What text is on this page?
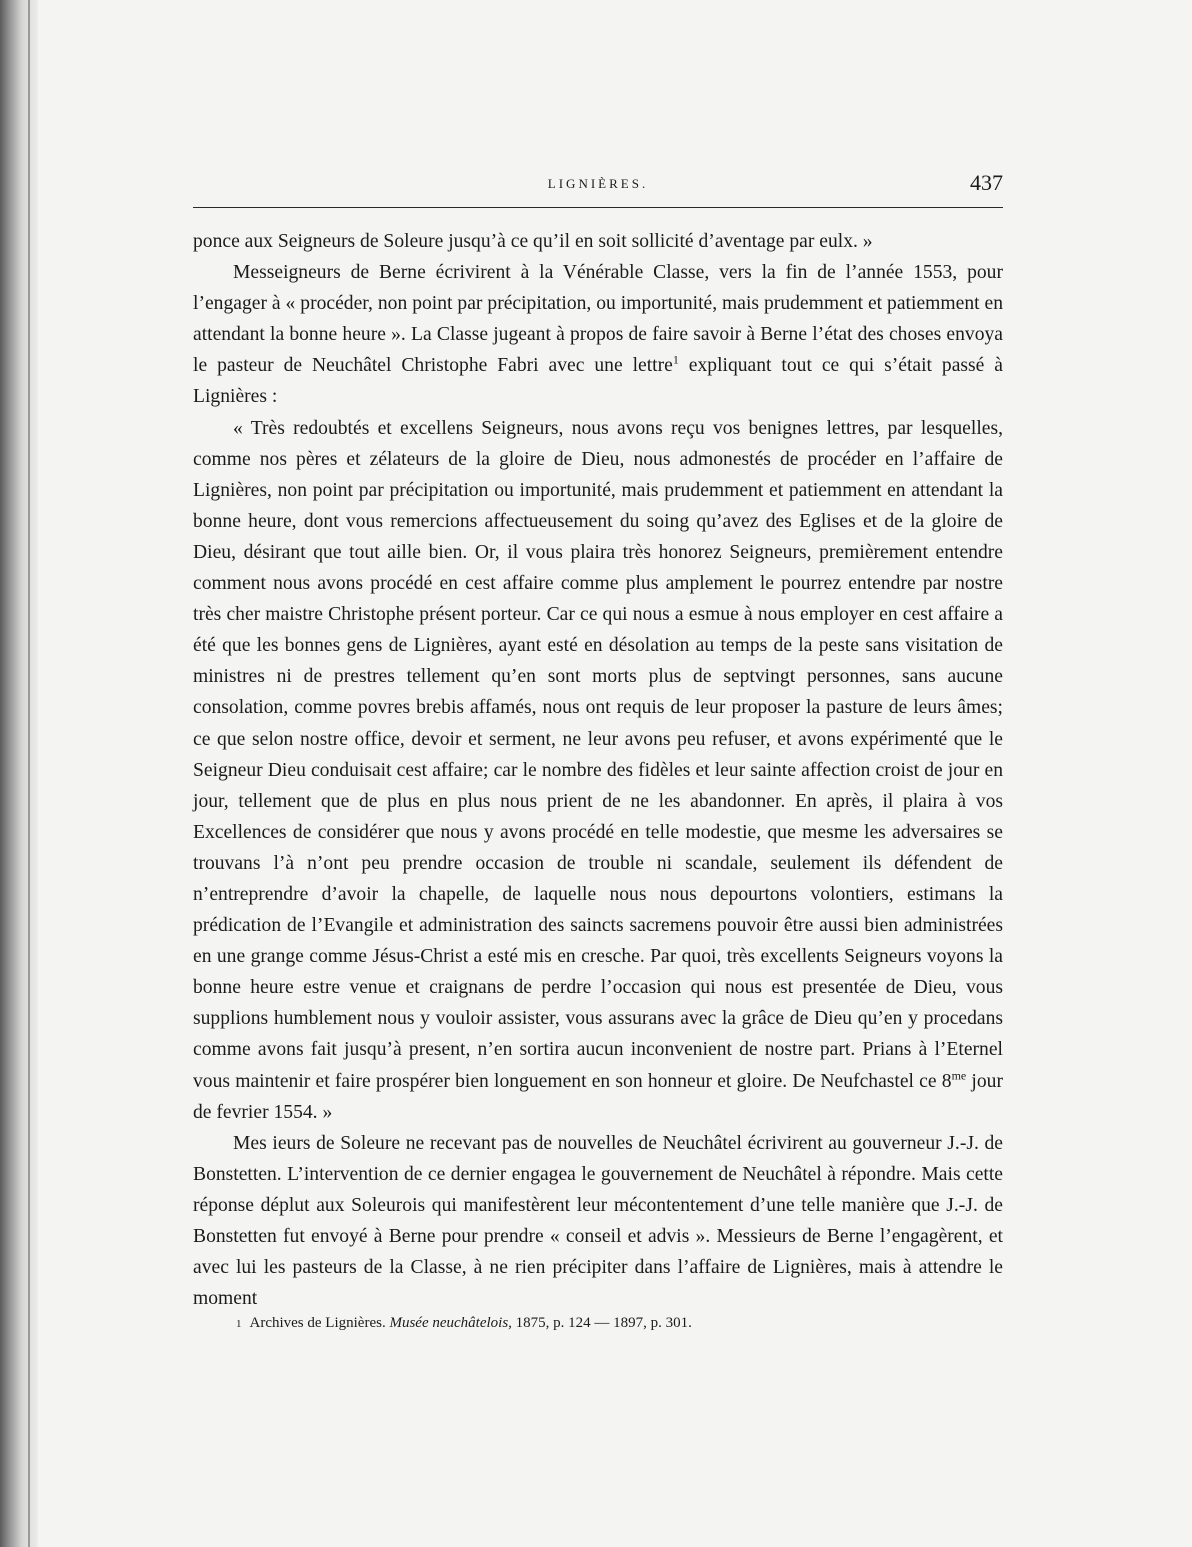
LIGNIÈRES.	437

ponce aux Seigneurs de Soleure jusqu’à ce qu’il en soit sollicité d’aventage par eulx. »

Messeigneurs de Berne écrivirent à la Vénérable Classe, vers la fin de l’année 1553, pour l’engager à « procéder, non point par précipitation, ou importunité, mais prudemment et patiemment en attendant la bonne heure ». La Classe jugeant à propos de faire savoir à Berne l’état des choses envoya le pasteur de Neuchâtel Christophe Fabri avec une lettre$^1$ expliquant tout ce qui s’était passé à Lignières :

« Très redoubtés et excellens Seigneurs, nous avons reçu vos benignes lettres, par lesquelles, comme nos pères et zélateurs de la gloire de Dieu, nous admonestés de procéder en l’affaire de Lignières, non point par précipitation ou importunité, mais prudemment et patiemment en attendant la bonne heure, dont vous remercions affectueusement du soing qu’avez des Eglises et de la gloire de Dieu, désirant que tout aille bien. Or, il vous plaira très honorez Seigneurs, premièrement entendre comment nous avons procédé en cest affaire comme plus amplement le pourrez entendre par nostre très cher maistre Christophe présent porteur. Car ce qui nous a esmue à nous employer en cest affaire a été que les bonnes gens de Lignières, ayant esté en désolation au temps de la peste sans visitation de ministres ni de prestres tellement qu’en sont morts plus de septvingt personnes, sans aucune consolation, comme povres brebis affamés, nous ont requis de leur proposer la pasture de leurs âmes; ce que selon nostre office, devoir et serment, ne leur avons peu refuser, et avons expérimenté que le Seigneur Dieu conduisait cest affaire; car le nombre des fidèles et leur sainte affection croist de jour en jour, tellement que de plus en plus nous prient de ne les abandonner. En après, il plaira à vos Excellences de considérer que nous y avons procédé en telle modestie, que mesme les adversaires se trouvans l’à n’ont peu prendre occasion de trouble ni scandale, seulement ils défendent de n’entreprendre d’avoir la chapelle, de laquelle nous nous depourtons volontiers, estimans la prédication de l’Evangile et administration des saincts sacremens pouvoir être aussi bien administrées en une grange comme Jésus-Christ a esté mis en cresche. Par quoi, très excellents Seigneurs voyons la bonne heure estre venue et craignans de perdre l’occasion qui nous est presentée de Dieu, vous supplions humblement nous y vouloir assister, vous assurans avec la grâce de Dieu qu’en y procedans comme avons fait jusqu’à present, n’en sortira aucun inconvenient de nostre part. Prians à l’Eternel vous maintenir et faire prospérer bien longuement en son honneur et gloire. De Neufchastel ce $8^{me}$ jour de fevrier 1554. »

Mes ieurs de Soleure ne recevant pas de nouvelles de Neuchâtel écrivirent au gouverneur J.-J. de Bonstetten. L’intervention de ce dernier engagea le gouvernement de Neuchâtel à répondre. Mais cette réponse déplut aux Soleurois qui manifestèrent leur mécontentement d’une telle manière que J.-J. de Bonstetten fut envoyé à Berne pour prendre « conseil et advis ». Messieurs de Berne l’engagèrent, et avec lui les pasteurs de la Classe, à ne rien précipiter dans l’affaire de Lignières, mais à attendre le moment

1 Archives de Lignières. Musée neuchâtelois, 1875, p. 124 — 1897, p. 301.
